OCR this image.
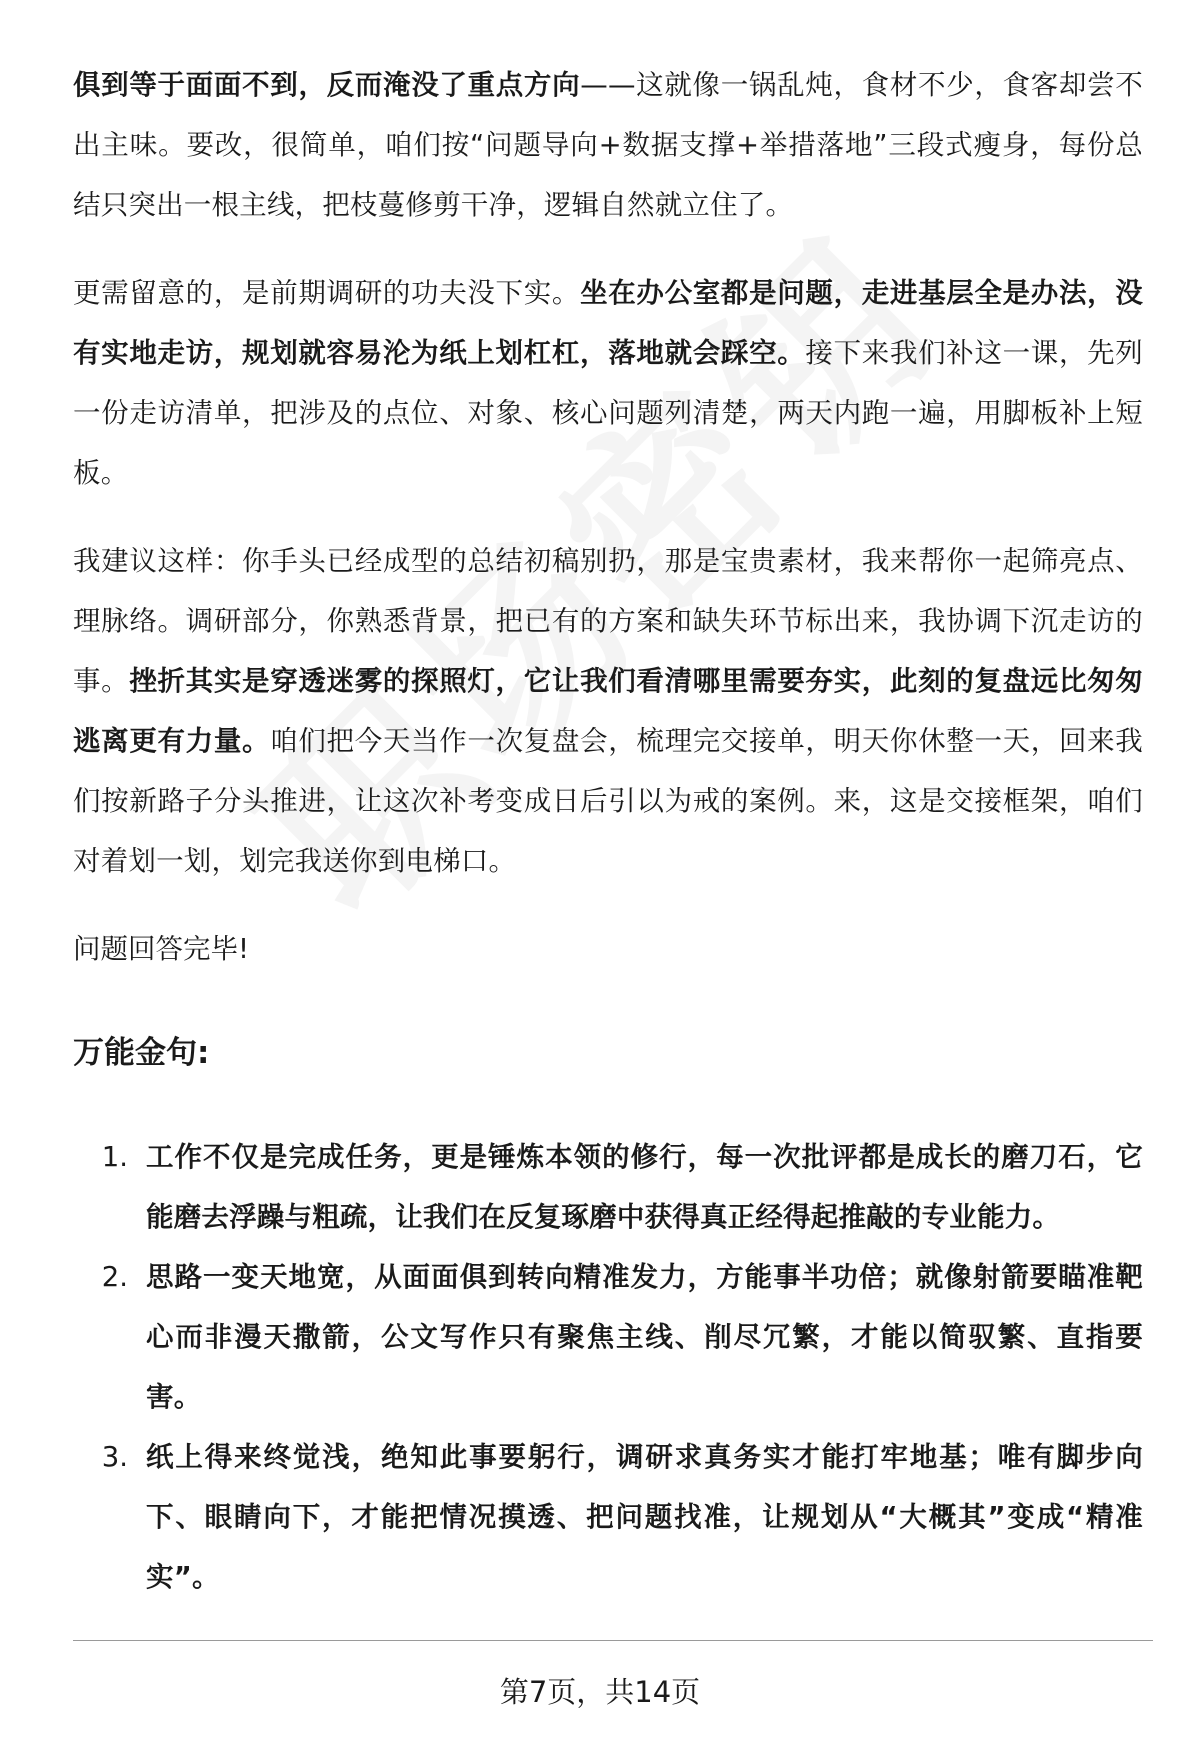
俱到等于面面不到，反而淹没了重点方向——这就像一锅乱炖，食材不少，食客却尝不出主味。要改，很简单，咱们按“问题导向+数据支撑+举措落地”三段式瘦身，每份总结只突出一根主线，把枝蔓修剪干净，逻辑自然就立住了。

更需留意的，是前期调研的功夫没下实。坐在办公室都是问题，走进基层全是办法，没有实地走访，规划就容易沦为纸上划杠杠，落地就会踩空。接下来我们补这一课，先列一份走访清单，把涉及的点位、对象、核心问题列清楚，两天内跑一遍，用脚板补上短板。

我建议这样：你手头已经成型的总结初稿别扔，那是宝贵素材，我来帮你一起筛亮点、理脉络。调研部分，你熟悉背景，把已有的方案和缺失环节标出来，我协调下沉走访的事。挫折其实是穿透迷雾的探照灯，它让我们看清哪里需要夯实，此刻的复盘远比匆匆逃离更有力量。咱们把今天当作一次复盘会，梳理完交接单，明天你休整一天，回来我们按新路子分头推进，让这次补考变成日后引以为戒的案例。来，这是交接框架，咱们对着划一划，划完我送你到电梯口。

问题回答完毕!

万能金句:
1. 工作不仅是完成任务，更是锤炼本领的修行，每一次批评都是成长的磨刀石，它能磨去浮躁与粗疏，让我们在反复琢磨中获得真正经得起推敲的专业能力。
2. 思路一变天地宽，从面面俱到转向精准发力，方能事半功倍；就像射箭要瞄准靶心而非漫天撒箭，公文写作只有聚焦主线、削尽冗繁，才能以简驭繁、直指要害。
3. 纸上得来终觉浅，绝知此事要躬行，调研求真务实才能打牢地基；唯有脚步向下、眼睛向下，才能把情况摸透、把问题找准，让规划从“大概其”变成“精准实”。
第7页，共14页
